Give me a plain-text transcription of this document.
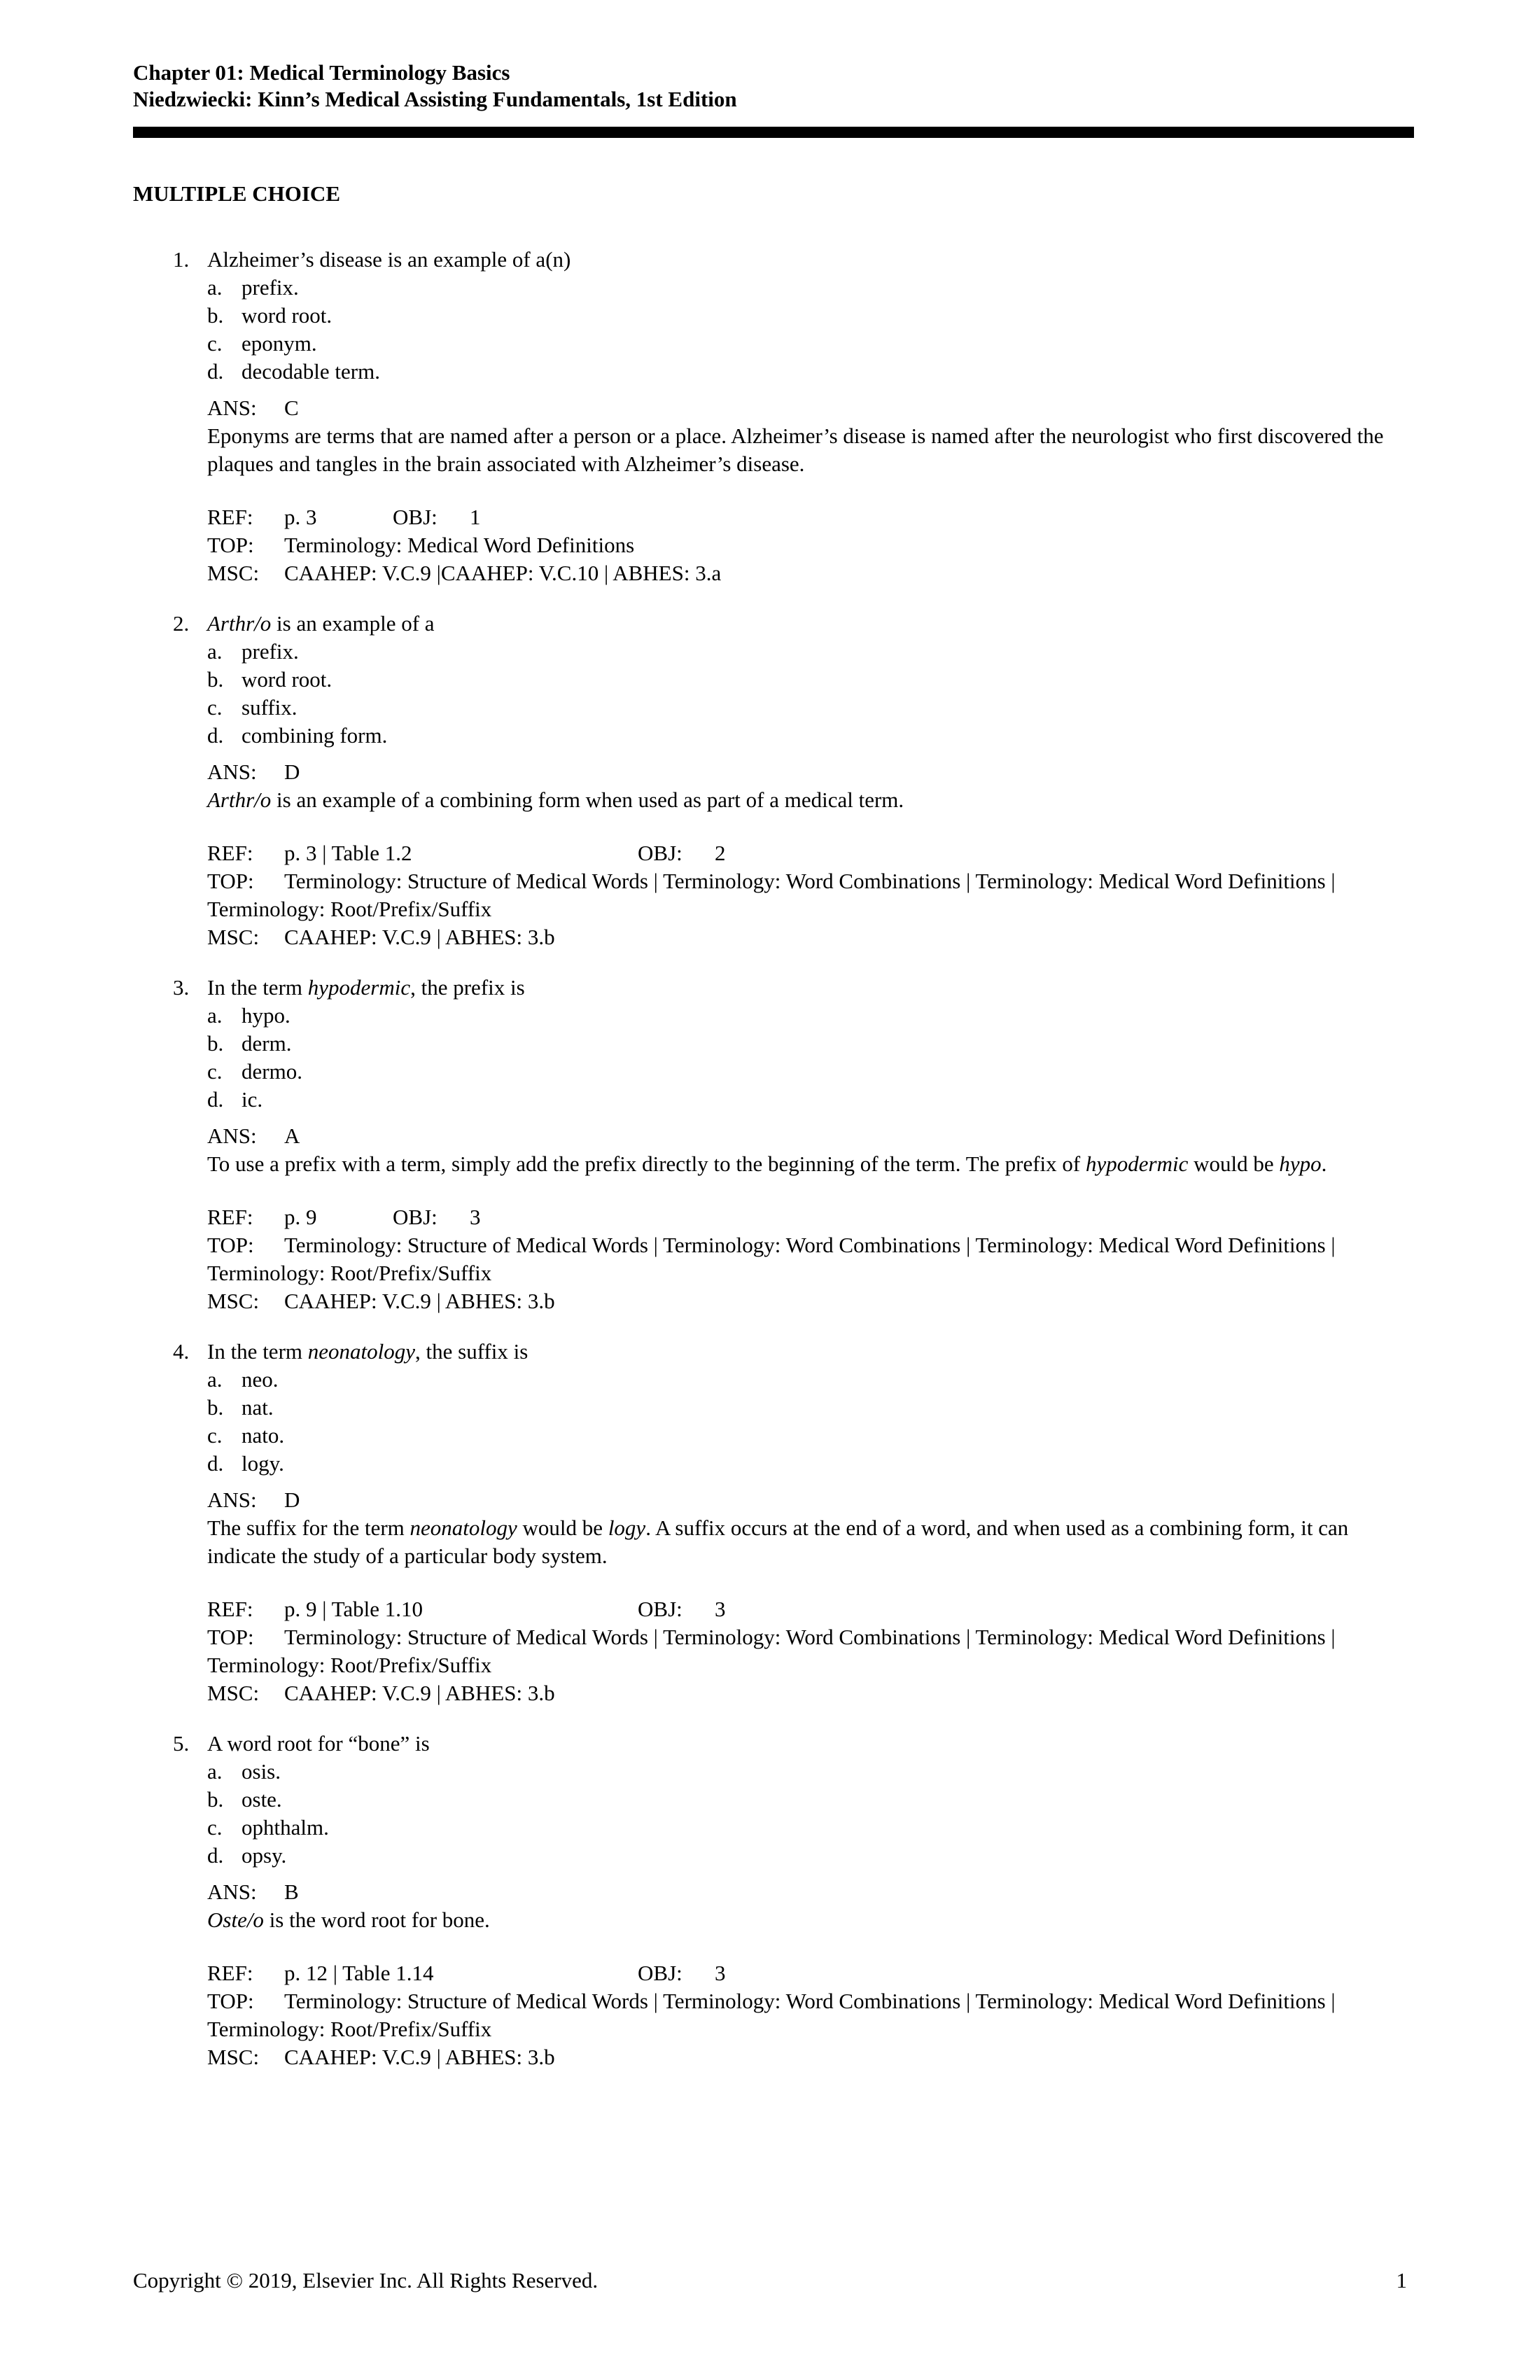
Chapter 01: Medical Terminology Basics
Niedzwiecki: Kinn’s Medical Assisting Fundamentals, 1st Edition
MULTIPLE CHOICE
1. Alzheimer’s disease is an example of a(n)
a. prefix.
b. word root.
c. eponym.
d. decodable term.
ANS: C
Eponyms are terms that are named after a person or a place. Alzheimer’s disease is named after the neurologist who first discovered the plaques and tangles in the brain associated with Alzheimer’s disease.
REF: p. 3	OBJ: 1
TOP: Terminology: Medical Word Definitions
MSC: CAAHEP: V.C.9 |CAAHEP: V.C.10 | ABHES: 3.a
2. Arthr/o is an example of a
a. prefix.
b. word root.
c. suffix.
d. combining form.
ANS: D
Arthr/o is an example of a combining form when used as part of a medical term.
REF: p. 3 | Table 1.2	OBJ: 2
TOP: Terminology: Structure of Medical Words | Terminology: Word Combinations | Terminology: Medical Word Definitions | Terminology: Root/Prefix/Suffix
MSC: CAAHEP: V.C.9 | ABHES: 3.b
3. In the term hypodermic, the prefix is
a. hypo.
b. derm.
c. dermo.
d. ic.
ANS: A
To use a prefix with a term, simply add the prefix directly to the beginning of the term. The prefix of hypodermic would be hypo.
REF: p. 9	OBJ: 3
TOP: Terminology: Structure of Medical Words | Terminology: Word Combinations | Terminology: Medical Word Definitions | Terminology: Root/Prefix/Suffix
MSC: CAAHEP: V.C.9 | ABHES: 3.b
4. In the term neonatology, the suffix is
a. neo.
b. nat.
c. nato.
d. logy.
ANS: D
The suffix for the term neonatology would be logy. A suffix occurs at the end of a word, and when used as a combining form, it can indicate the study of a particular body system.
REF: p. 9 | Table 1.10	OBJ: 3
TOP: Terminology: Structure of Medical Words | Terminology: Word Combinations | Terminology: Medical Word Definitions | Terminology: Root/Prefix/Suffix
MSC: CAAHEP: V.C.9 | ABHES: 3.b
5. A word root for “bone” is
a. osis.
b. oste.
c. ophthalm.
d. opsy.
ANS: B
Oste/o is the word root for bone.
REF: p. 12 | Table 1.14	OBJ: 3
TOP: Terminology: Structure of Medical Words | Terminology: Word Combinations | Terminology: Medical Word Definitions | Terminology: Root/Prefix/Suffix
MSC: CAAHEP: V.C.9 | ABHES: 3.b
Copyright © 2019, Elsevier Inc. All Rights Reserved.	1
